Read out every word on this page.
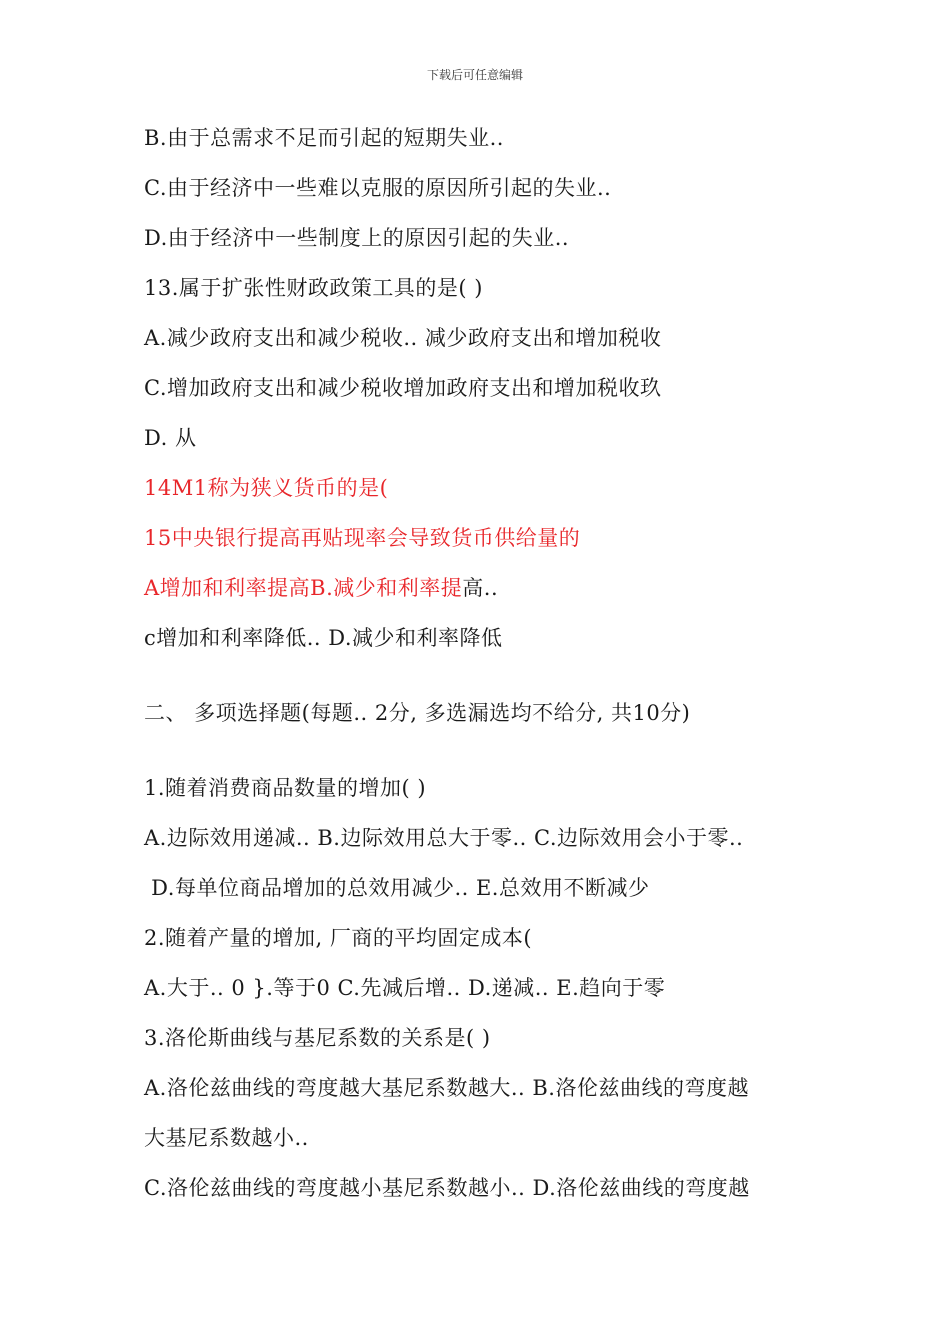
下载后可任意编辑
B.由于总需求不足而引起的短期失业..
C.由于经济中一些难以克服的原因所引起的失业..
D.由于经济中一些制度上的原因引起的失业..
13.属于扩张性财政政策工具的是( )
A.减少政府支出和减少税收.. 减少政府支出和增加税收
C.增加政府支出和减少税收增加政府支出和增加税收玖
D. 从
14M1称为狭义货币的是(
15中央银行提高再贴现率会导致货币供给量的
A增加和利率提高B.减少和利率提高..
c增加和利率降低.. D.减少和利率降低
二、 多项选择题(每题.. 2分, 多选漏选均不给分, 共10分)
1.随着消费商品数量的增加( )
A.边际效用递减.. B.边际效用总大于零.. C.边际效用会小于零..
D.每单位商品增加的总效用减少.. E.总效用不断减少
2.随着产量的增加, 厂商的平均固定成本(
A.大于.. 0 }.等于0 C.先减后增.. D.递减.. E.趋向于零
3.洛伦斯曲线与基尼系数的关系是( )
A.洛伦兹曲线的弯度越大基尼系数越大.. B.洛伦兹曲线的弯度越
大基尼系数越小..
C.洛伦兹曲线的弯度越小基尼系数越小.. D.洛伦兹曲线的弯度越
